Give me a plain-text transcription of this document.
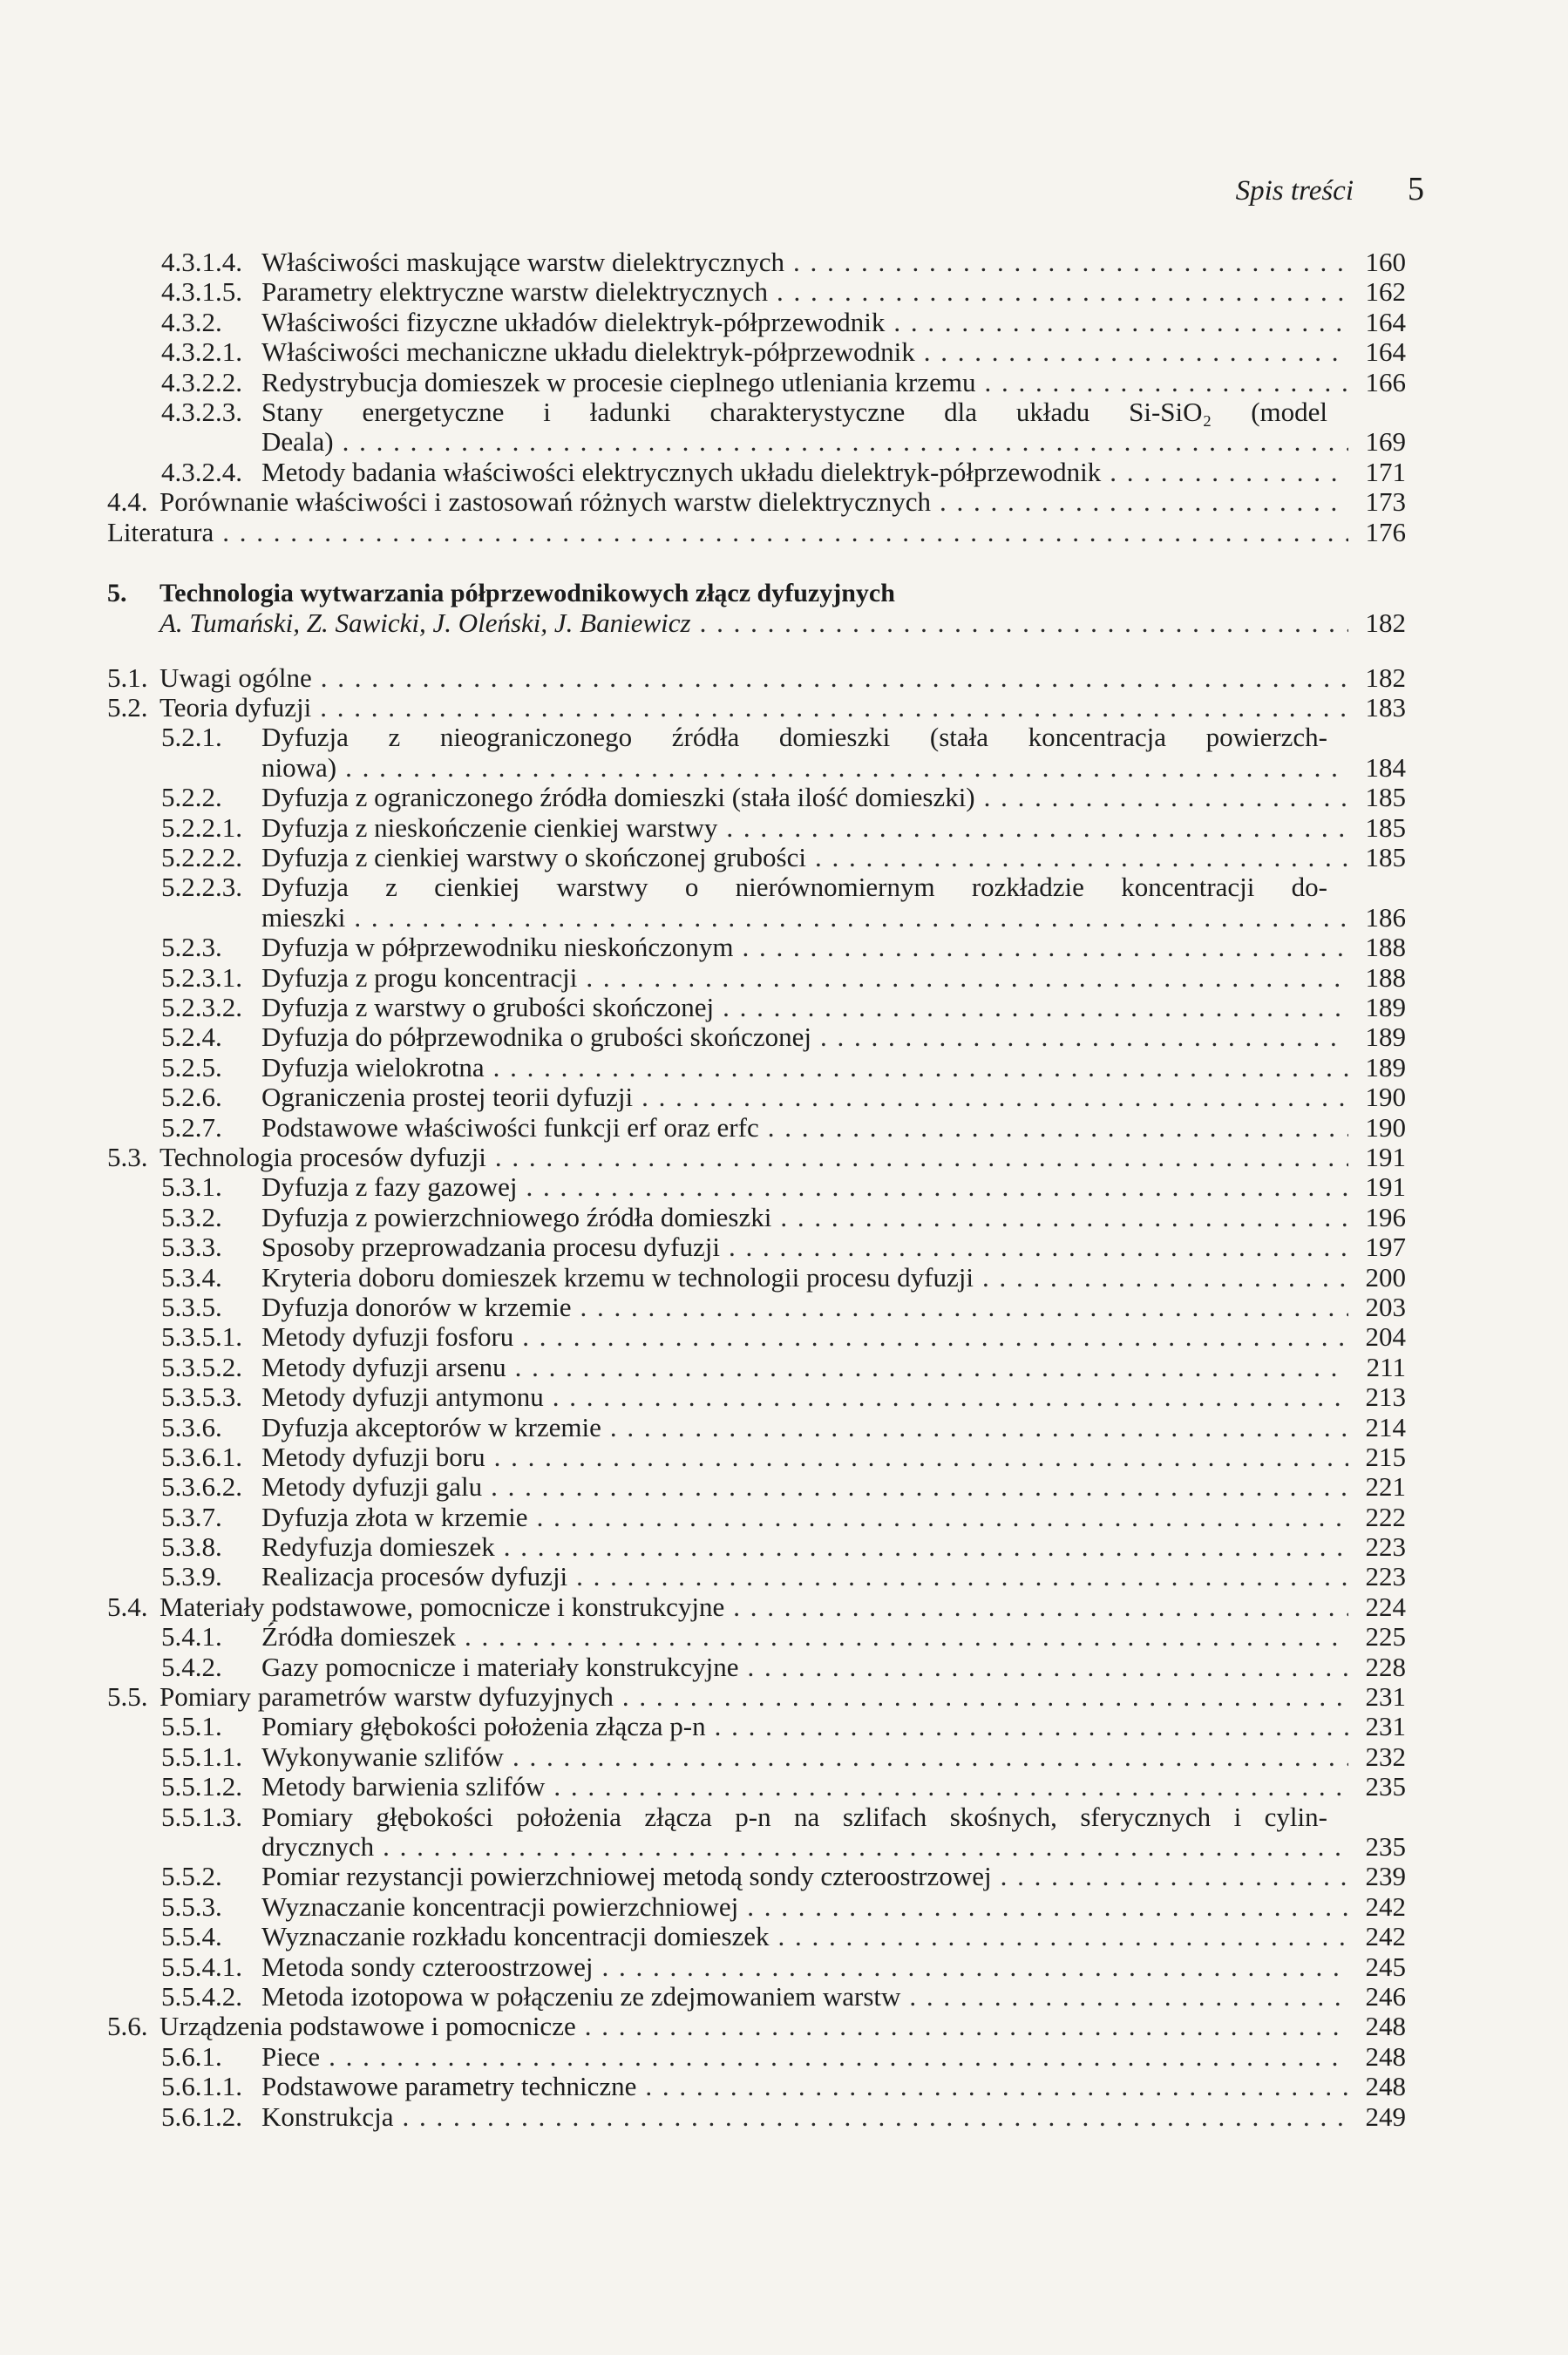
Spis treści 5
4.3.1.4. Właściwości maskujące warstw dielektrycznych . . .	160
4.3.1.5. Parametry elektryczne warstw dielektrycznych . . .	162
4.3.2. Właściwości fizyczne układów dielektryk-półprzewodnik . . .	164
4.3.2.1. Właściwości mechaniczne układu dielektryk-półprzewodnik . . .	164
4.3.2.2. Redystrybucja domieszek w procesie cieplnego utleniania krzemu . . .	166
4.3.2.3. Stany energetyczne i ładunki charakterystyczne dla układu Si-SiO₂ (model
Deala) . . .	169
4.3.2.4. Metody badania właściwości elektrycznych układu dielektryk-półprzewodnik . . .	171
4.4. Porównanie właściwości i zastosowań różnych warstw dielektrycznych . . .	173
Literatura . . .	176
5. Technologia wytwarzania półprzewodnikowych złącz dyfuzyjnych
A. Tumański, Z. Sawicki, J. Oleński, J. Baniewicz . . .	182
5.1. Uwagi ogólne . . .	182
5.2. Teoria dyfuzji . . .	183
5.2.1. Dyfuzja z nieograniczonego źródła domieszki (stała koncentracja powierzch-
niowa) . . .	184
5.2.2. Dyfuzja z ograniczonego źródła domieszki (stała ilość domieszki) . . .	185
5.2.2.1. Dyfuzja z nieskończenie cienkiej warstwy . . .	185
5.2.2.2. Dyfuzja z cienkiej warstwy o skończonej grubości . . .	185
5.2.2.3. Dyfuzja z cienkiej warstwy o nierównomiernym rozkładzie koncentracji do-
mieszki . . .	186
5.2.3. Dyfuzja w półprzewodniku nieskończonym . . .	188
5.2.3.1. Dyfuzja z progu koncentracji . . .	188
5.2.3.2. Dyfuzja z warstwy o grubości skończonej . . .	189
5.2.4. Dyfuzja do półprzewodnika o grubości skończonej . . .	189
5.2.5. Dyfuzja wielokrotna . . .	189
5.2.6. Ograniczenia prostej teorii dyfuzji . . .	190
5.2.7. Podstawowe właściwości funkcji erf oraz erfc . . .	190
5.3. Technologia procesów dyfuzji . . .	191
5.3.1. Dyfuzja z fazy gazowej . . .	191
5.3.2. Dyfuzja z powierzchniowego źródła domieszki . . .	196
5.3.3. Sposoby przeprowadzania procesu dyfuzji . . .	197
5.3.4. Kryteria doboru domieszek krzemu w technologii procesu dyfuzji . . .	200
5.3.5. Dyfuzja donorów w krzemie . . .	203
5.3.5.1. Metody dyfuzji fosforu . . .	204
5.3.5.2. Metody dyfuzji arsenu . . .	211
5.3.5.3. Metody dyfuzji antymonu . . .	213
5.3.6. Dyfuzja akceptorów w krzemie . . .	214
5.3.6.1. Metody dyfuzji boru . . .	215
5.3.6.2. Metody dyfuzji galu . . .	221
5.3.7. Dyfuzja złota w krzemie . . .	222
5.3.8. Redyfuzja domieszek . . .	223
5.3.9. Realizacja procesów dyfuzji . . .	223
5.4. Materiały podstawowe, pomocnicze i konstrukcyjne . . .	224
5.4.1. Źródła domieszek . . .	225
5.4.2. Gazy pomocnicze i materiały konstrukcyjne . . .	228
5.5. Pomiary parametrów warstw dyfuzyjnych . . .	231
5.5.1. Pomiary głębokości położenia złącza p-n . . .	231
5.5.1.1. Wykonywanie szlifów . . .	232
5.5.1.2. Metody barwienia szlifów . . .	235
5.5.1.3. Pomiary głębokości położenia złącza p-n na szlifach skośnych, sferycznych i cylin-
drycznych . . .	235
5.5.2. Pomiar rezystancji powierzchniowej metodą sondy czteroostrzowej . . .	239
5.5.3. Wyznaczanie koncentracji powierzchniowej . . .	242
5.5.4. Wyznaczanie rozkładu koncentracji domieszek . . .	242
5.5.4.1. Metoda sondy czteroostrzowej . . .	245
5.5.4.2. Metoda izotopowa w połączeniu ze zdejmowaniem warstw . . .	246
5.6. Urządzenia podstawowe i pomocnicze . . .	248
5.6.1. Piece . . .	248
5.6.1.1. Podstawowe parametry techniczne . . .	248
5.6.1.2. Konstrukcja . . .	249
